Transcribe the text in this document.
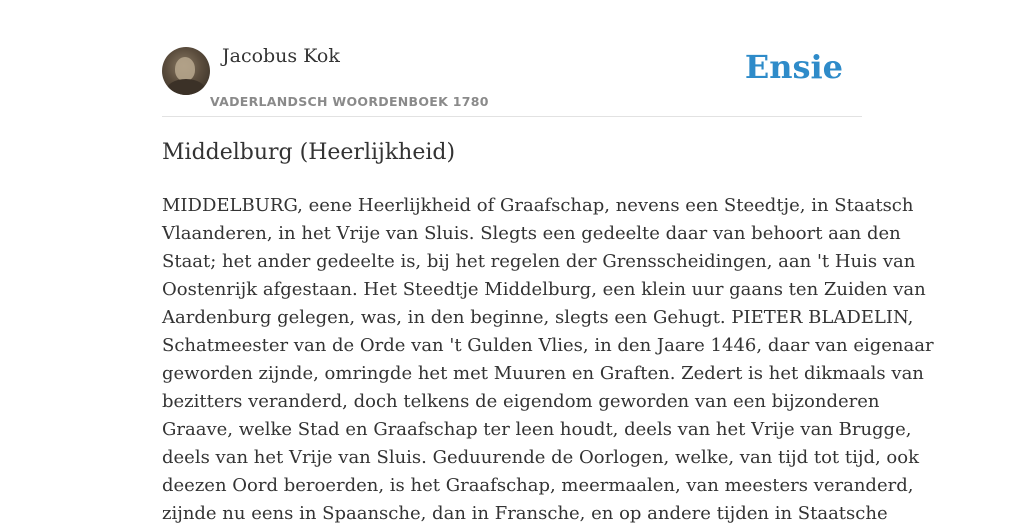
Jacobus Kok
VADERLANDSCH WOORDENBOEK 1780
Ensie
Middelburg (Heerlijkheid)
MIDDELBURG, eene Heerlijkheid of Graafschap, nevens een Steedtje, in Staatsch
Vlaanderen, in het Vrije van Sluis. Slegts een gedeelte daar van behoort aan den
Staat; het ander gedeelte is, bij het regelen der Grensscheidingen, aan 't Huis van
Oostenrijk afgestaan. Het Steedtje Middelburg, een klein uur gaans ten Zuiden van
Aardenburg gelegen, was, in den beginne, slegts een Gehugt. PIETER BLADELIN,
Schatmeester van de Orde van 't Gulden Vlies, in den Jaare 1446, daar van eigenaar
geworden zijnde, omringde het met Muuren en Graften. Zedert is het dikmaals van
bezitters veranderd, doch telkens de eigendom geworden van een bijzonderen
Graave, welke Stad en Graafschap ter leen houdt, deels van het Vrije van Brugge,
deels van het Vrije van Sluis. Geduurende de Oorlogen, welke, van tijd tot tijd, ook
deezen Oord beroerden, is het Graafschap, meermaalen, van meesters veranderd,
zijnde nu eens in Spaansche, dan in Fransche, en op andere tijden in Staatsche
